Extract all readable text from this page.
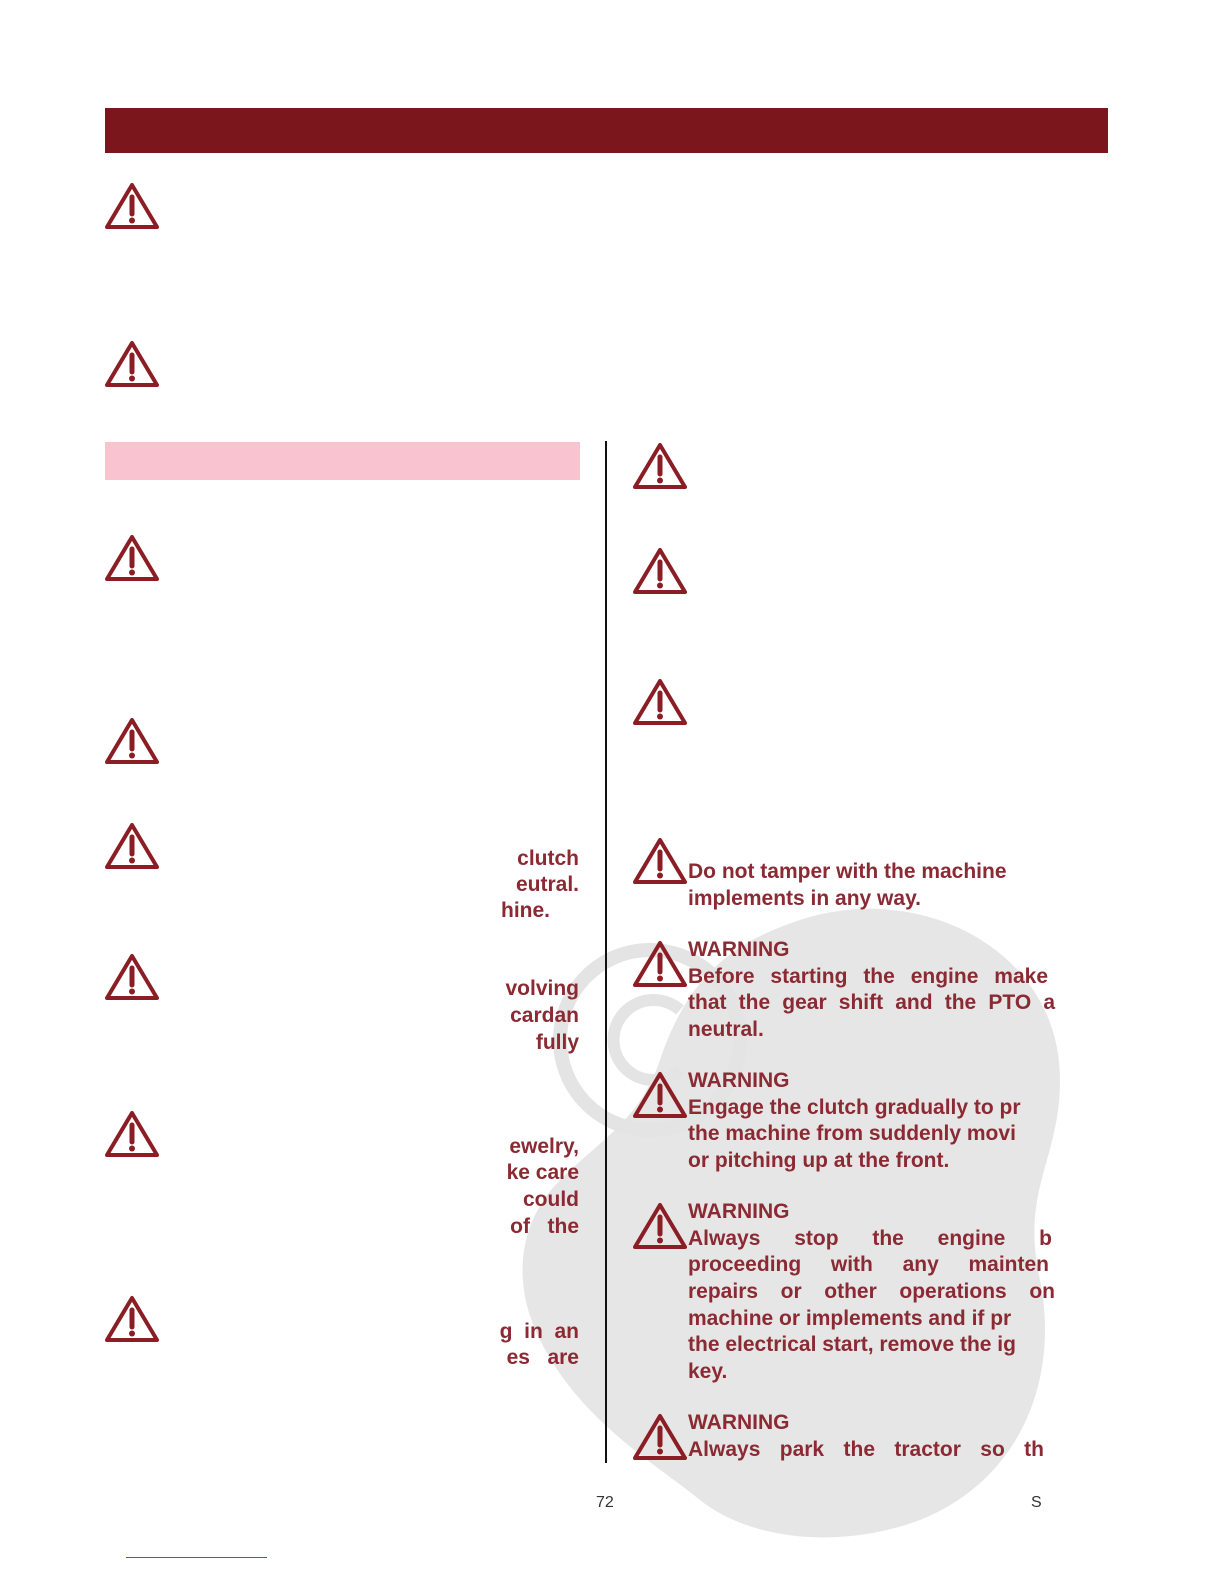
clutch
eutral.
hine.
volving
cardan
fully
ewelry,
ke care
could
of   the
g  in  an
es   are
Do not tamper with the machine
implements in any way.
WARNING
Before starting the engine make
that the gear shift and the PTO a
neutral.
WARNING
Engage the clutch gradually to pr
the machine from suddenly movi
or pitching up at the front.
WARNING
Always stop the engine b
proceeding with any mainten
repairs or other operations on
machine or implements and if pr
the electrical start, remove the ig
key.
WARNING
Always park the tractor so th
72	S
